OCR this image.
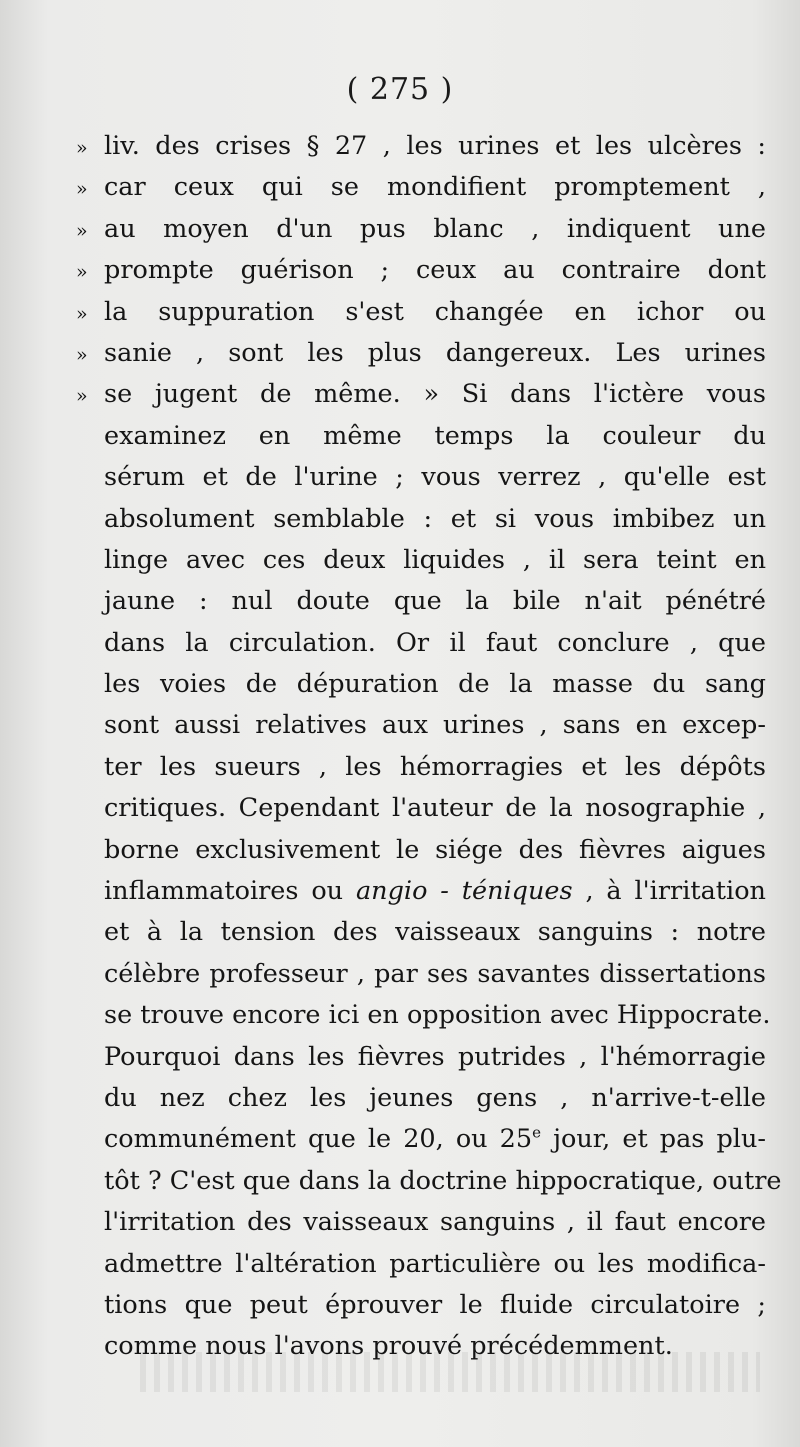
( 275 )
» liv. des crises § 27 , les urines et les ulcères :
» car ceux qui se mondifient promptement ,
» au moyen d'un pus blanc , indiquent une
» prompte guérison ; ceux au contraire dont
» la suppuration s'est changée en ichor ou
» sanie , sont les plus dangereux. Les urines
» se jugent de même. » Si dans l'ictère vous
examinez en même temps la couleur du
sérum et de l'urine ; vous verrez , qu'elle est
absolument semblable : et si vous imbibez un
linge avec ces deux liquides , il sera teint en
jaune : nul doute que la bile n'ait pénétré
dans la circulation. Or il faut conclure , que
les voies de dépuration de la masse du sang
sont aussi relatives aux urines , sans en excep-
ter les sueurs , les hémorragies et les dépôts
critiques. Cependant l'auteur de la nosographie ,
borne exclusivement le siége des fièvres aigues
inflammatoires ou angio - téniques , à l'irritation
et à la tension des vaisseaux sanguins : notre
célèbre professeur , par ses savantes dissertations
se trouve encore ici en opposition avec Hippocrate.
Pourquoi dans les fièvres putrides , l'hémorragie
du nez chez les jeunes gens , n'arrive-t-elle
communément que le 20, ou 25e jour, et pas plu-
tôt ? C'est que dans la doctrine hippocratique, outre
l'irritation des vaisseaux sanguins , il faut encore
admettre l'altération particulière ou les modifica-
tions que peut éprouver le fluide circulatoire ;
comme nous l'avons prouvé précédemment.
